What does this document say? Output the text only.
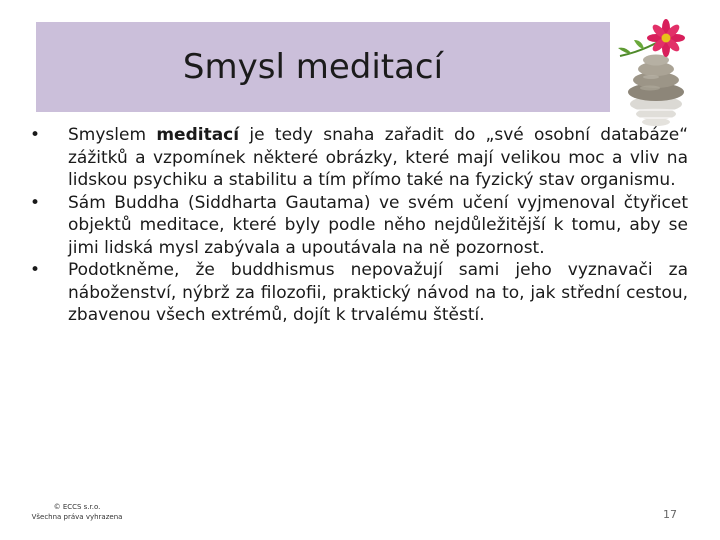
Smysl meditací
• Smyslem meditací je tedy snaha zařadit do „své osobní databáze“ zážitků a vzpomínek některé obrázky, které mají velikou moc a vliv na lidskou psychiku a stabilitu a tím přímo také na fyzický stav organismu.
• Sám Buddha (Siddharta Gautama) ve svém učení vyjmenoval čtyřicet objektů meditace, které byly podle něho nejdůležitější k tomu, aby se jimi lidská mysl zabývala a upoutávala na ně pozornost.
• Podotkněme, že buddhismus nepovažují sami jeho vyznavači za náboženství, nýbrž za filozofii, praktický návod na to, jak střední cestou, zbavenou všech extrémů, dojít k trvalému štěstí.
© ECCS s.r.o.
Všechna práva vyhrazena	17
